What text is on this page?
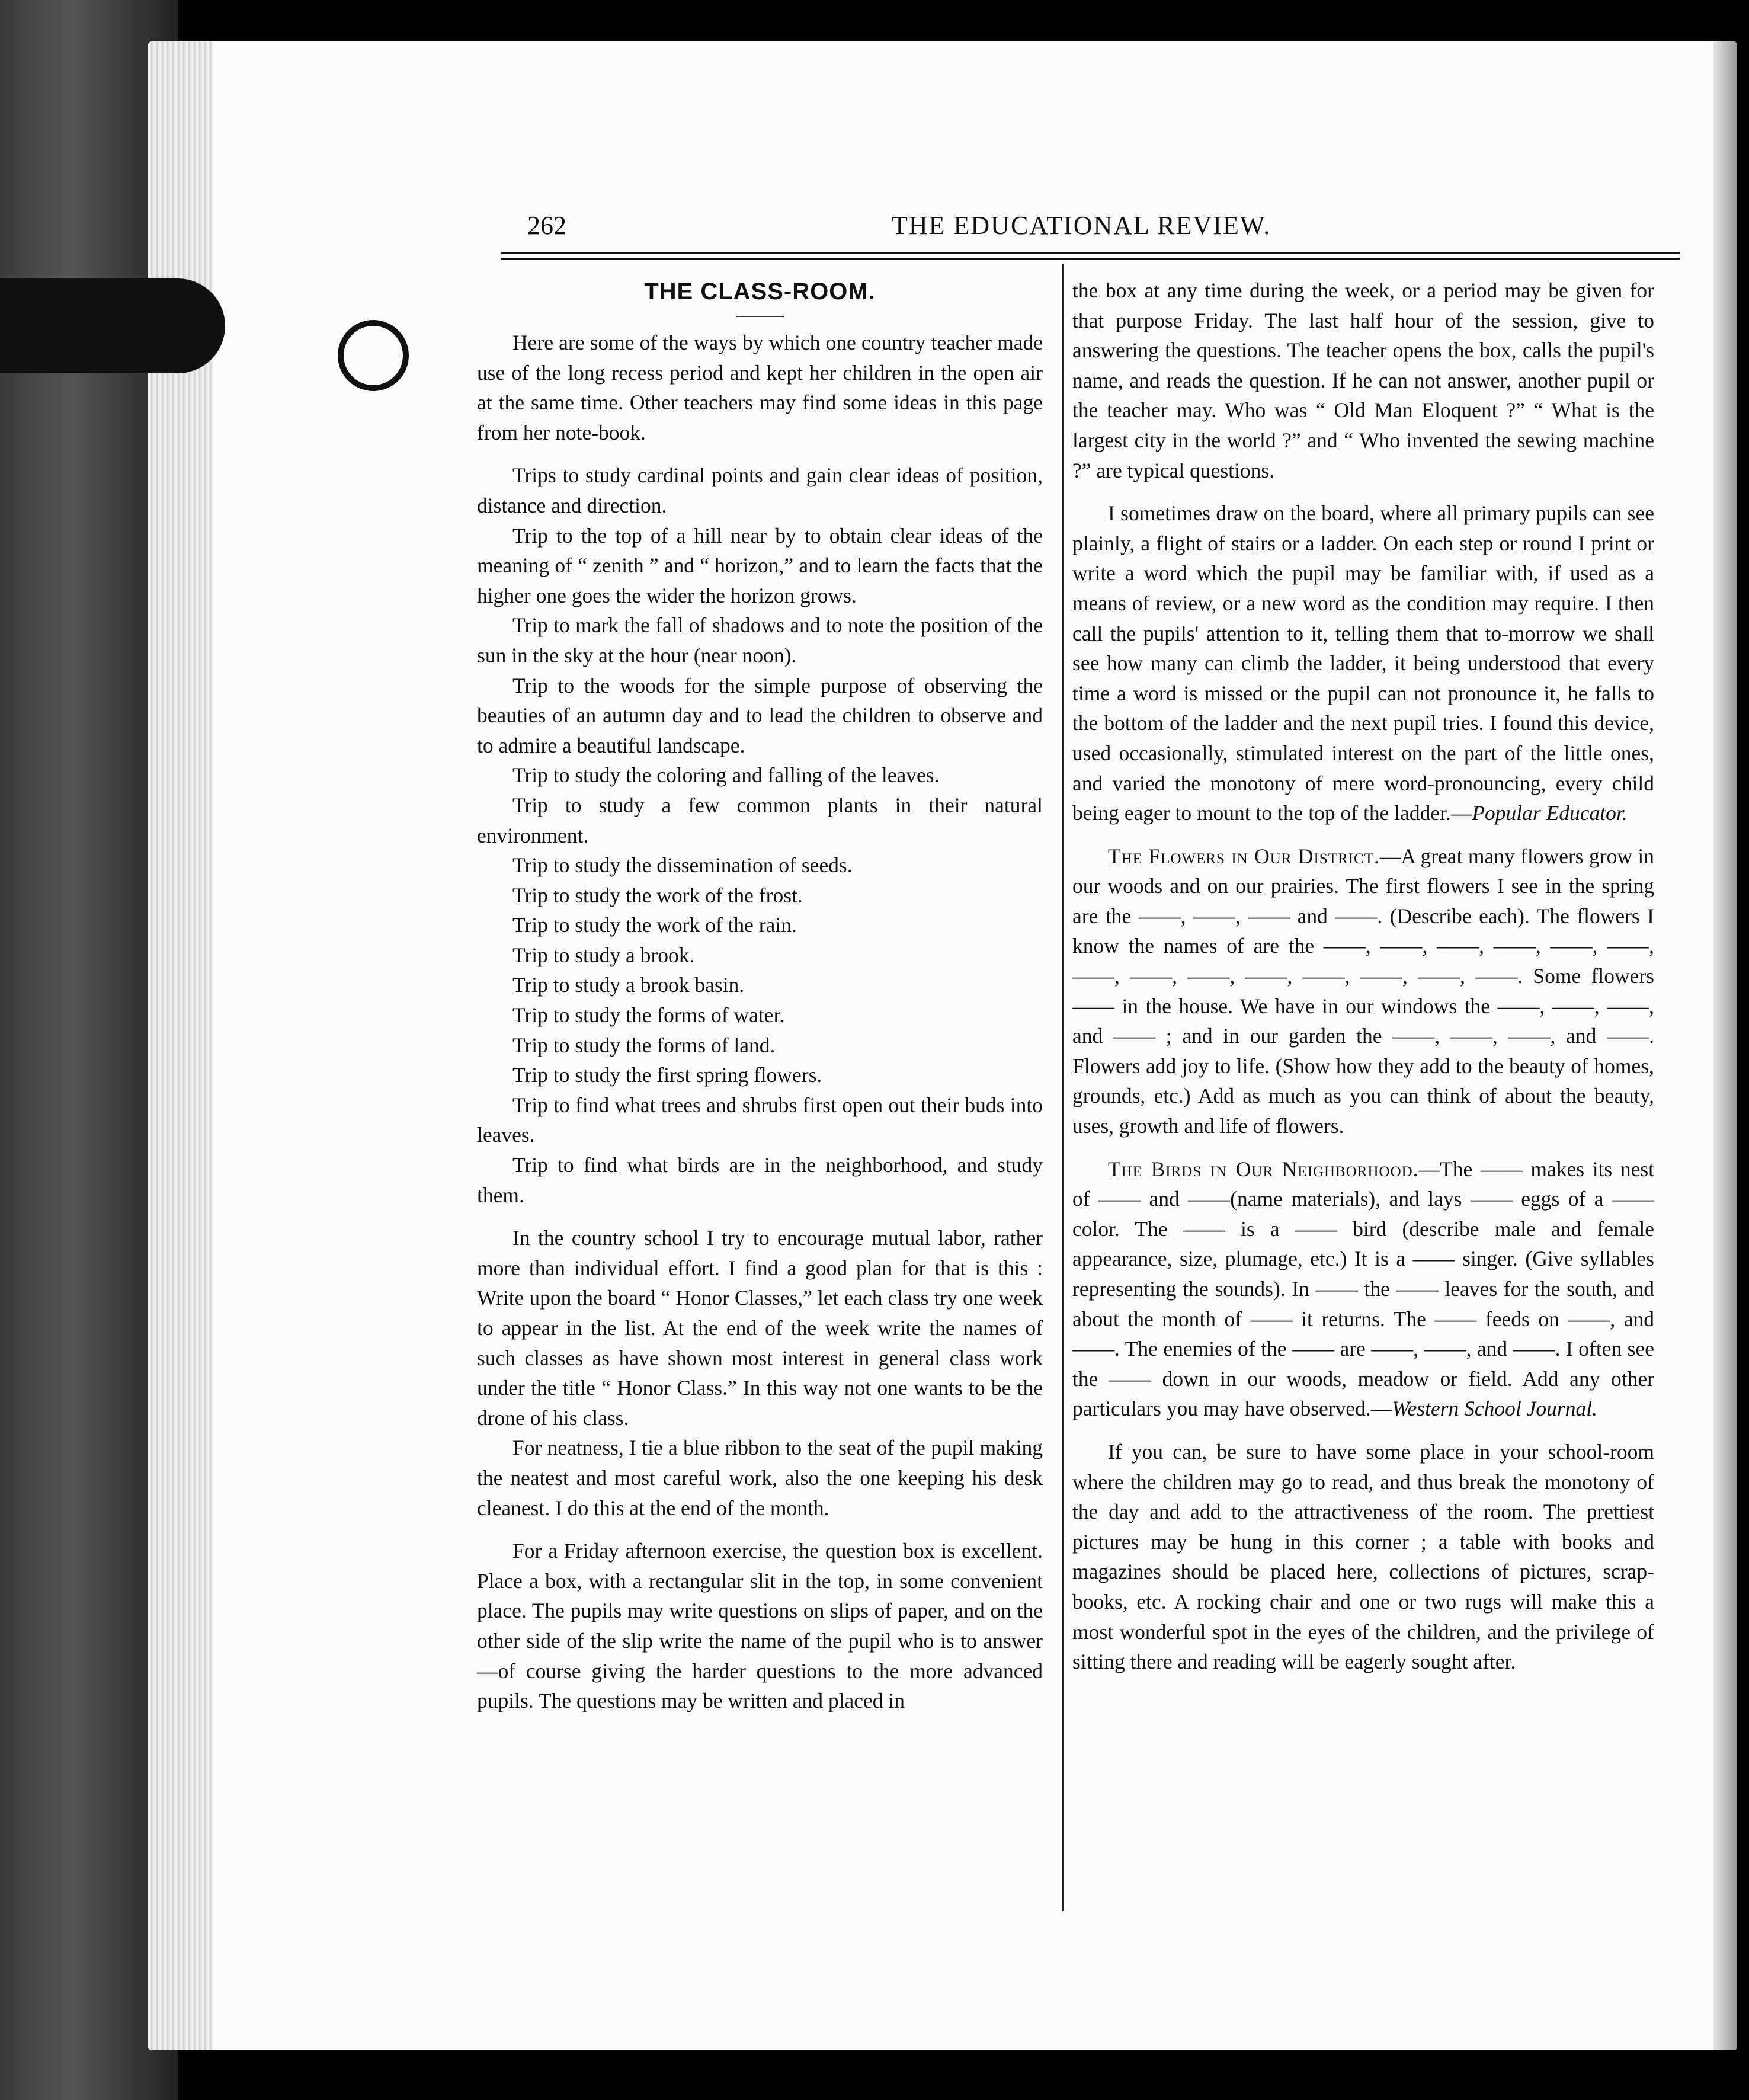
262	THE EDUCATIONAL REVIEW.
THE CLASS-ROOM.

Here are some of the ways by which one country teacher made use of the long recess period and kept her children in the open air at the same time. Other teachers may find some ideas in this page from her note-book.

Trips to study cardinal points and gain clear ideas of position, distance and direction.

Trip to the top of a hill near by to obtain clear ideas of the meaning of “ zenith ” and “ horizon,” and to learn the facts that the higher one goes the wider the horizon grows.

Trip to mark the fall of shadows and to note the position of the sun in the sky at the hour (near noon).

Trip to the woods for the simple purpose of observing the beauties of an autumn day and to lead the children to observe and to admire a beautiful landscape.

Trip to study the coloring and falling of the leaves.

Trip to study a few common plants in their natural environment.

Trip to study the dissemination of seeds.

Trip to study the work of the frost.

Trip to study the work of the rain.

Trip to study a brook.

Trip to study a brook basin.

Trip to study the forms of water.

Trip to study the forms of land.

Trip to study the first spring flowers.

Trip to find what trees and shrubs first open out their buds into leaves.

Trip to find what birds are in the neighborhood, and study them.

In the country school I try to encourage mutual labor, rather more than individual effort. I find a good plan for that is this : Write upon the board “ Honor Classes,” let each class try one week to appear in the list. At the end of the week write the names of such classes as have shown most interest in general class work under the title “ Honor Class.” In this way not one wants to be the drone of his class.

For neatness, I tie a blue ribbon to the seat of the pupil making the neatest and most careful work, also the one keeping his desk cleanest. I do this at the end of the month.

For a Friday afternoon exercise, the question box is excellent. Place a box, with a rectangular slit in the top, in some convenient place. The pupils may write questions on slips of paper, and on the other side of the slip write the name of the pupil who is to answer—of course giving the harder questions to the more advanced pupils. The questions may be written and placed in

the box at any time during the week, or a period may be given for that purpose Friday. The last half hour of the session, give to answering the questions. The teacher opens the box, calls the pupil's name, and reads the question. If he can not answer, another pupil or the teacher may. Who was “ Old Man Eloquent ?” “ What is the largest city in the world ?” and “ Who invented the sewing machine ?” are typical questions.

I sometimes draw on the board, where all primary pupils can see plainly, a flight of stairs or a ladder. On each step or round I print or write a word which the pupil may be familiar with, if used as a means of review, or a new word as the condition may require. I then call the pupils' attention to it, telling them that to-morrow we shall see how many can climb the ladder, it being understood that every time a word is missed or the pupil can not pronounce it, he falls to the bottom of the ladder and the next pupil tries. I found this device, used occasionally, stimulated interest on the part of the little ones, and varied the monotony of mere word-pronouncing, every child being eager to mount to the top of the ladder.—Popular Educator.

The Flowers in Our District.—A great many flowers grow in our woods and on our prairies. The first flowers I see in the spring are the ——, ——, —— and ——. (Describe each). The flowers I know the names of are the ——, ——, ——, ——, ——, ——, ——, ——, ——, ——, ——, ——, ——, ——. Some flowers —— in the house. We have in our windows the ——, ——, ——, and —— ; and in our garden the ——, ——, ——, and ——. Flowers add joy to life. (Show how they add to the beauty of homes, grounds, etc.) Add as much as you can think of about the beauty, uses, growth and life of flowers.

The Birds in Our Neighborhood.—The —— makes its nest of —— and ——(name materials), and lays —— eggs of a —— color. The —— is a —— bird (describe male and female appearance, size, plumage, etc.) It is a —— singer. (Give syllables representing the sounds). In —— the —— leaves for the south, and about the month of —— it returns. The —— feeds on ——, and ——. The enemies of the —— are ——, ——, and ——. I often see the —— down in our woods, meadow or field. Add any other particulars you may have observed.—Western School Journal.

If you can, be sure to have some place in your school-room where the children may go to read, and thus break the monotony of the day and add to the attractiveness of the room. The prettiest pictures may be hung in this corner ; a table with books and magazines should be placed here, collections of pictures, scrap-books, etc. A rocking chair and one or two rugs will make this a most wonderful spot in the eyes of the children, and the privilege of sitting there and reading will be eagerly sought after.
